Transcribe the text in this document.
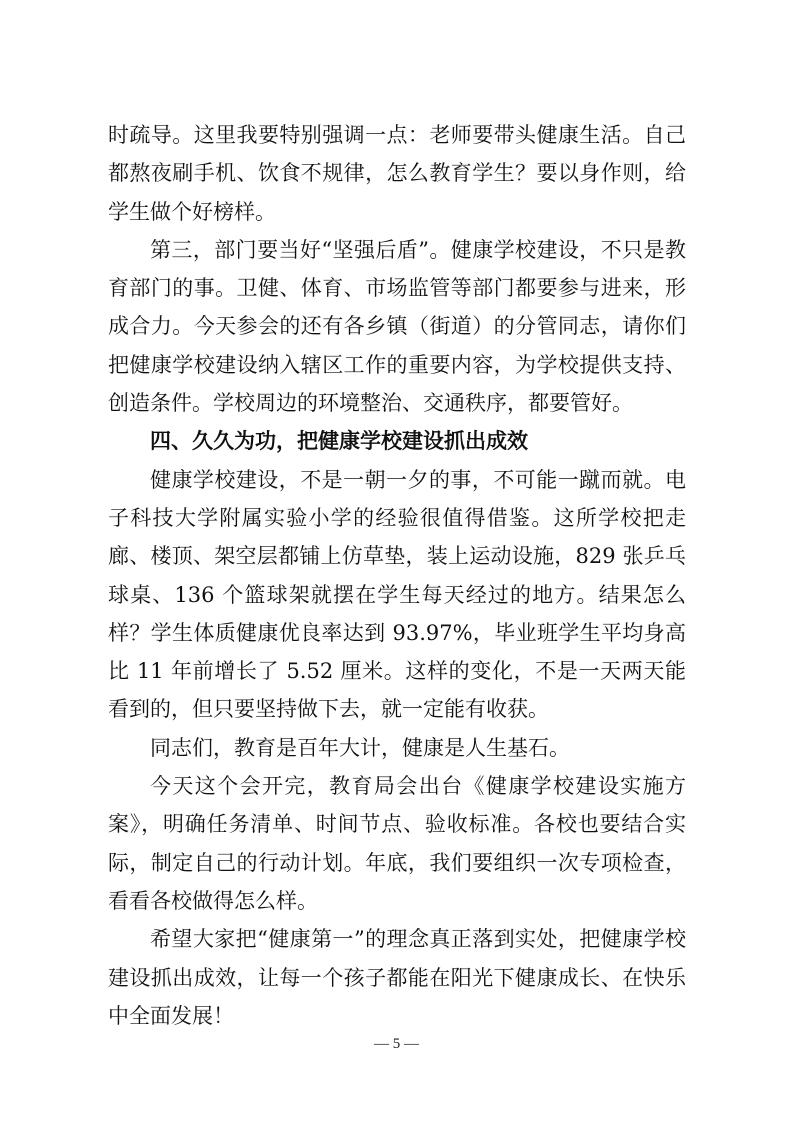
时疏导。这里我要特别强调一点：老师要带头健康生活。自己都熬夜刷手机、饮食不规律，怎么教育学生？要以身作则，给学生做个好榜样。

第三，部门要当好“坚强后盾”。健康学校建设，不只是教育部门的事。卫健、体育、市场监管等部门都要参与进来，形成合力。今天参会的还有各乡镇（街道）的分管同志，请你们把健康学校建设纳入辖区工作的重要内容，为学校提供支持、创造条件。学校周边的环境整治、交通秩序，都要管好。

四、久久为功，把健康学校建设抓出成效

健康学校建设，不是一朝一夕的事，不可能一蹴而就。电子科技大学附属实验小学的经验很值得借鉴。这所学校把走廊、楼顶、架空层都铺上仿草垫，装上运动设施，829 张乒乓球桌、136 个篮球架就摆在学生每天经过的地方。结果怎么样？学生体质健康优良率达到 93.97%，毕业班学生平均身高比 11 年前增长了 5.52 厘米。这样的变化，不是一天两天能看到的，但只要坚持做下去，就一定能有收获。

同志们，教育是百年大计，健康是人生基石。

今天这个会开完，教育局会出台《健康学校建设实施方案》，明确任务清单、时间节点、验收标准。各校也要结合实际，制定自己的行动计划。年底，我们要组织一次专项检查，看看各校做得怎么样。

希望大家把“健康第一”的理念真正落到实处，把健康学校建设抓出成效，让每一个孩子都能在阳光下健康成长、在快乐中全面发展！

— 5 —
